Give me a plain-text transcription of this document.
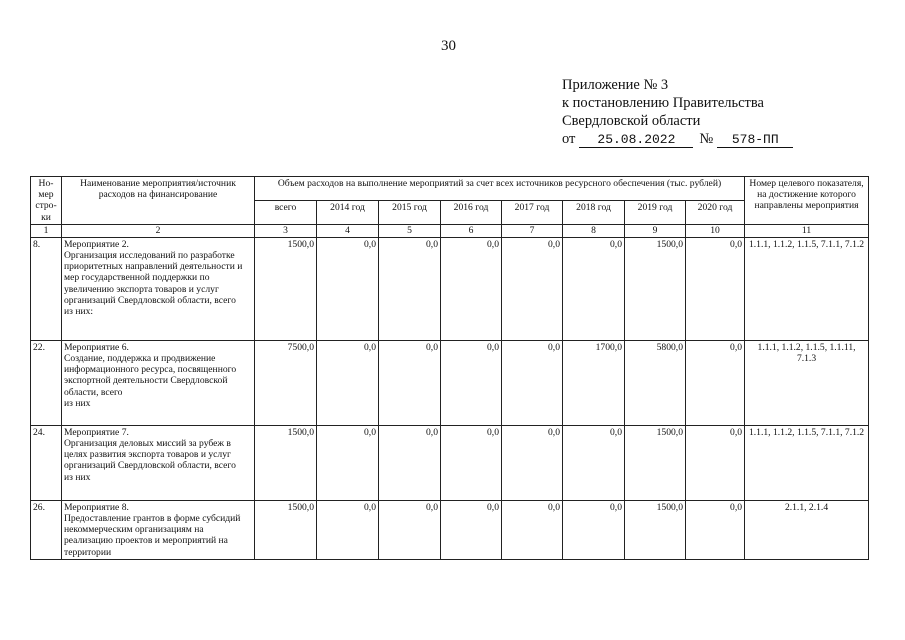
30
Приложение № 3
к постановлению Правительства
Свердловской области
от 25.08.2022 № 578-ПП
Но-мер стро-ки	Наименование мероприятия/источник расходов на финансирование	Объем расходов на выполнение мероприятий за счет всех источников ресурсного обеспечения (тыс. рублей)								Номер целевого показателя, на достижение которого направлены мероприятия
		всего	2014 год	2015 год	2016 год	2017 год	2018 год	2019 год	2020 год	
1	2	3	4	5	6	7	8	9	10	11
8.	Мероприятие 2.
Организация исследований по разработке приоритетных направлений деятельности и мер государственной поддержки по увеличению экспорта товаров и услуг организаций Свердловской области, всего
из них:	1500,0	0,0	0,0	0,0	0,0	0,0	1500,0	0,0	1.1.1, 1.1.2, 1.1.5, 7.1.1, 7.1.2
22.	Мероприятие 6.
Создание, поддержка и продвижение информационного ресурса, посвященного экспортной деятельности Свердловской области, всего
из них	7500,0	0,0	0,0	0,0	0,0	1700,0	5800,0	0,0	1.1.1, 1.1.2, 1.1.5, 1.1.11, 7.1.3
24.	Мероприятие 7.
Организация деловых миссий за рубеж в целях развития экспорта товаров и услуг организаций Свердловской области, всего
из них	1500,0	0,0	0,0	0,0	0,0	0,0	1500,0	0,0	1.1.1, 1.1.2, 1.1.5, 7.1.1, 7.1.2
26.	Мероприятие 8.
Предоставление грантов в форме субсидий некоммерческим организациям на реализацию проектов и мероприятий на территории	1500,0	0,0	0,0	0,0	0,0	0,0	1500,0	0,0	2.1.1, 2.1.4
